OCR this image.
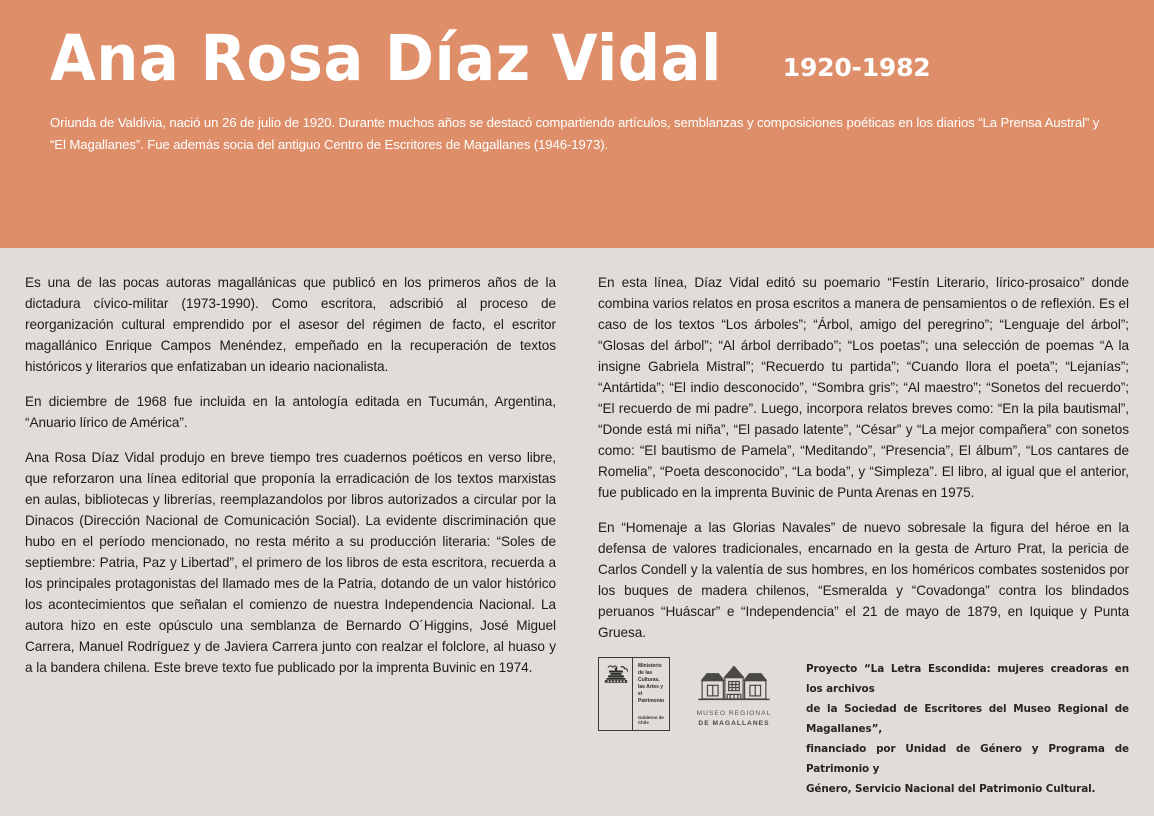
Ana Rosa Díaz Vidal 1920-1982
Oriunda de Valdivia, nació un 26 de julio de 1920. Durante muchos años se destacó compartiendo artículos, semblanzas y composiciones poéticas en los diarios “La Prensa Austral” y “El Magallanes”. Fue además socia del antiguo Centro de Escritores de Magallanes (1946-1973).

Es una de las pocas autoras magallánicas que publicó en los primeros años de la dictadura cívico-militar (1973-1990). Como escritora, adscribió al proceso de reorganización cultural emprendido por el asesor del régimen de facto, el escritor magallánico Enrique Campos Menéndez, empeñado en la recuperación de textos históricos y literarios que enfatizaban un ideario nacionalista.

En diciembre de 1968 fue incluida en la antología editada en Tucumán, Argentina, “Anuario lírico de América”.

Ana Rosa Díaz Vidal produjo en breve tiempo tres cuadernos poéticos en verso libre, que reforzaron una línea editorial que proponía la erradicación de los textos marxistas en aulas, bibliotecas y librerías, reemplazandolos por libros autorizados a circular por la Dinacos (Dirección Nacional de Comunicación Social). La evidente discriminación que hubo en el período mencionado, no resta mérito a su producción literaria: “Soles de septiembre: Patria, Paz y Libertad”, el primero de los libros de esta escritora, recuerda a los principales protagonistas del llamado mes de la Patria, dotando de un valor histórico los acontecimientos que señalan el comienzo de nuestra Independencia Nacional. La autora hizo en este opúsculo una semblanza de Bernardo O´Higgins, José Miguel Carrera, Manuel Rodríguez y de Javiera Carrera junto con realzar el folclore, al huaso y a la bandera chilena. Este breve texto fue publicado por la imprenta Buvinic en 1974.

En esta línea, Díaz Vidal editó su poemario “Festín Literario, lírico-prosaico” donde combina varios relatos en prosa escritos a manera de pensamientos o de reflexión. Es el caso de los textos “Los árboles”; “Árbol, amigo del peregrino”; “Lenguaje del árbol”; “Glosas del árbol”; “Al árbol derribado”; “Los poetas”; una selección de poemas “A la insigne Gabriela Mistral”; “Recuerdo tu partida”; “Cuando llora el poeta”; “Lejanías”; “Antártida”; “El indio desconocido”, “Sombra gris”; “Al maestro”; “Sonetos del recuerdo”; “El recuerdo de mi padre”. Luego, incorpora relatos breves como: “En la pila bautismal”, “Donde está mi niña”, “El pasado latente”, “César” y “La mejor compañera” con sonetos como: “El bautismo de Pamela”, “Meditando”, “Presencia”, El álbum”, “Los cantares de Romelia”, “Poeta desconocido”, “La boda”, y “Simpleza”. El libro, al igual que el anterior, fue publicado en la imprenta Buvinic de Punta Arenas en 1975.

En “Homenaje a las Glorias Navales” de nuevo sobresale la figura del héroe en la defensa de valores tradicionales, encarnado en la gesta de Arturo Prat, la pericia de Carlos Condell y la valentía de sus hombres, en los homéricos combates sostenidos por los buques de madera chilenos, “Esmeralda y “Covadonga” contra los blindados peruanos “Huáscar” e “Independencia” el 21 de mayo de 1879, en Iquique y Punta Gruesa.

Ministerio de las Culturas, las Artes y el Patrimonio
Gobierno de Chile
MUSEO REGIONAL
DE MAGALLANES
Proyecto “La Letra Escondida: mujeres creadoras en los archivos
de la Sociedad de Escritores del Museo Regional de Magallanes”,
financiado por Unidad de Género y Programa de Patrimonio y
Género, Servicio Nacional del Patrimonio Cultural.
